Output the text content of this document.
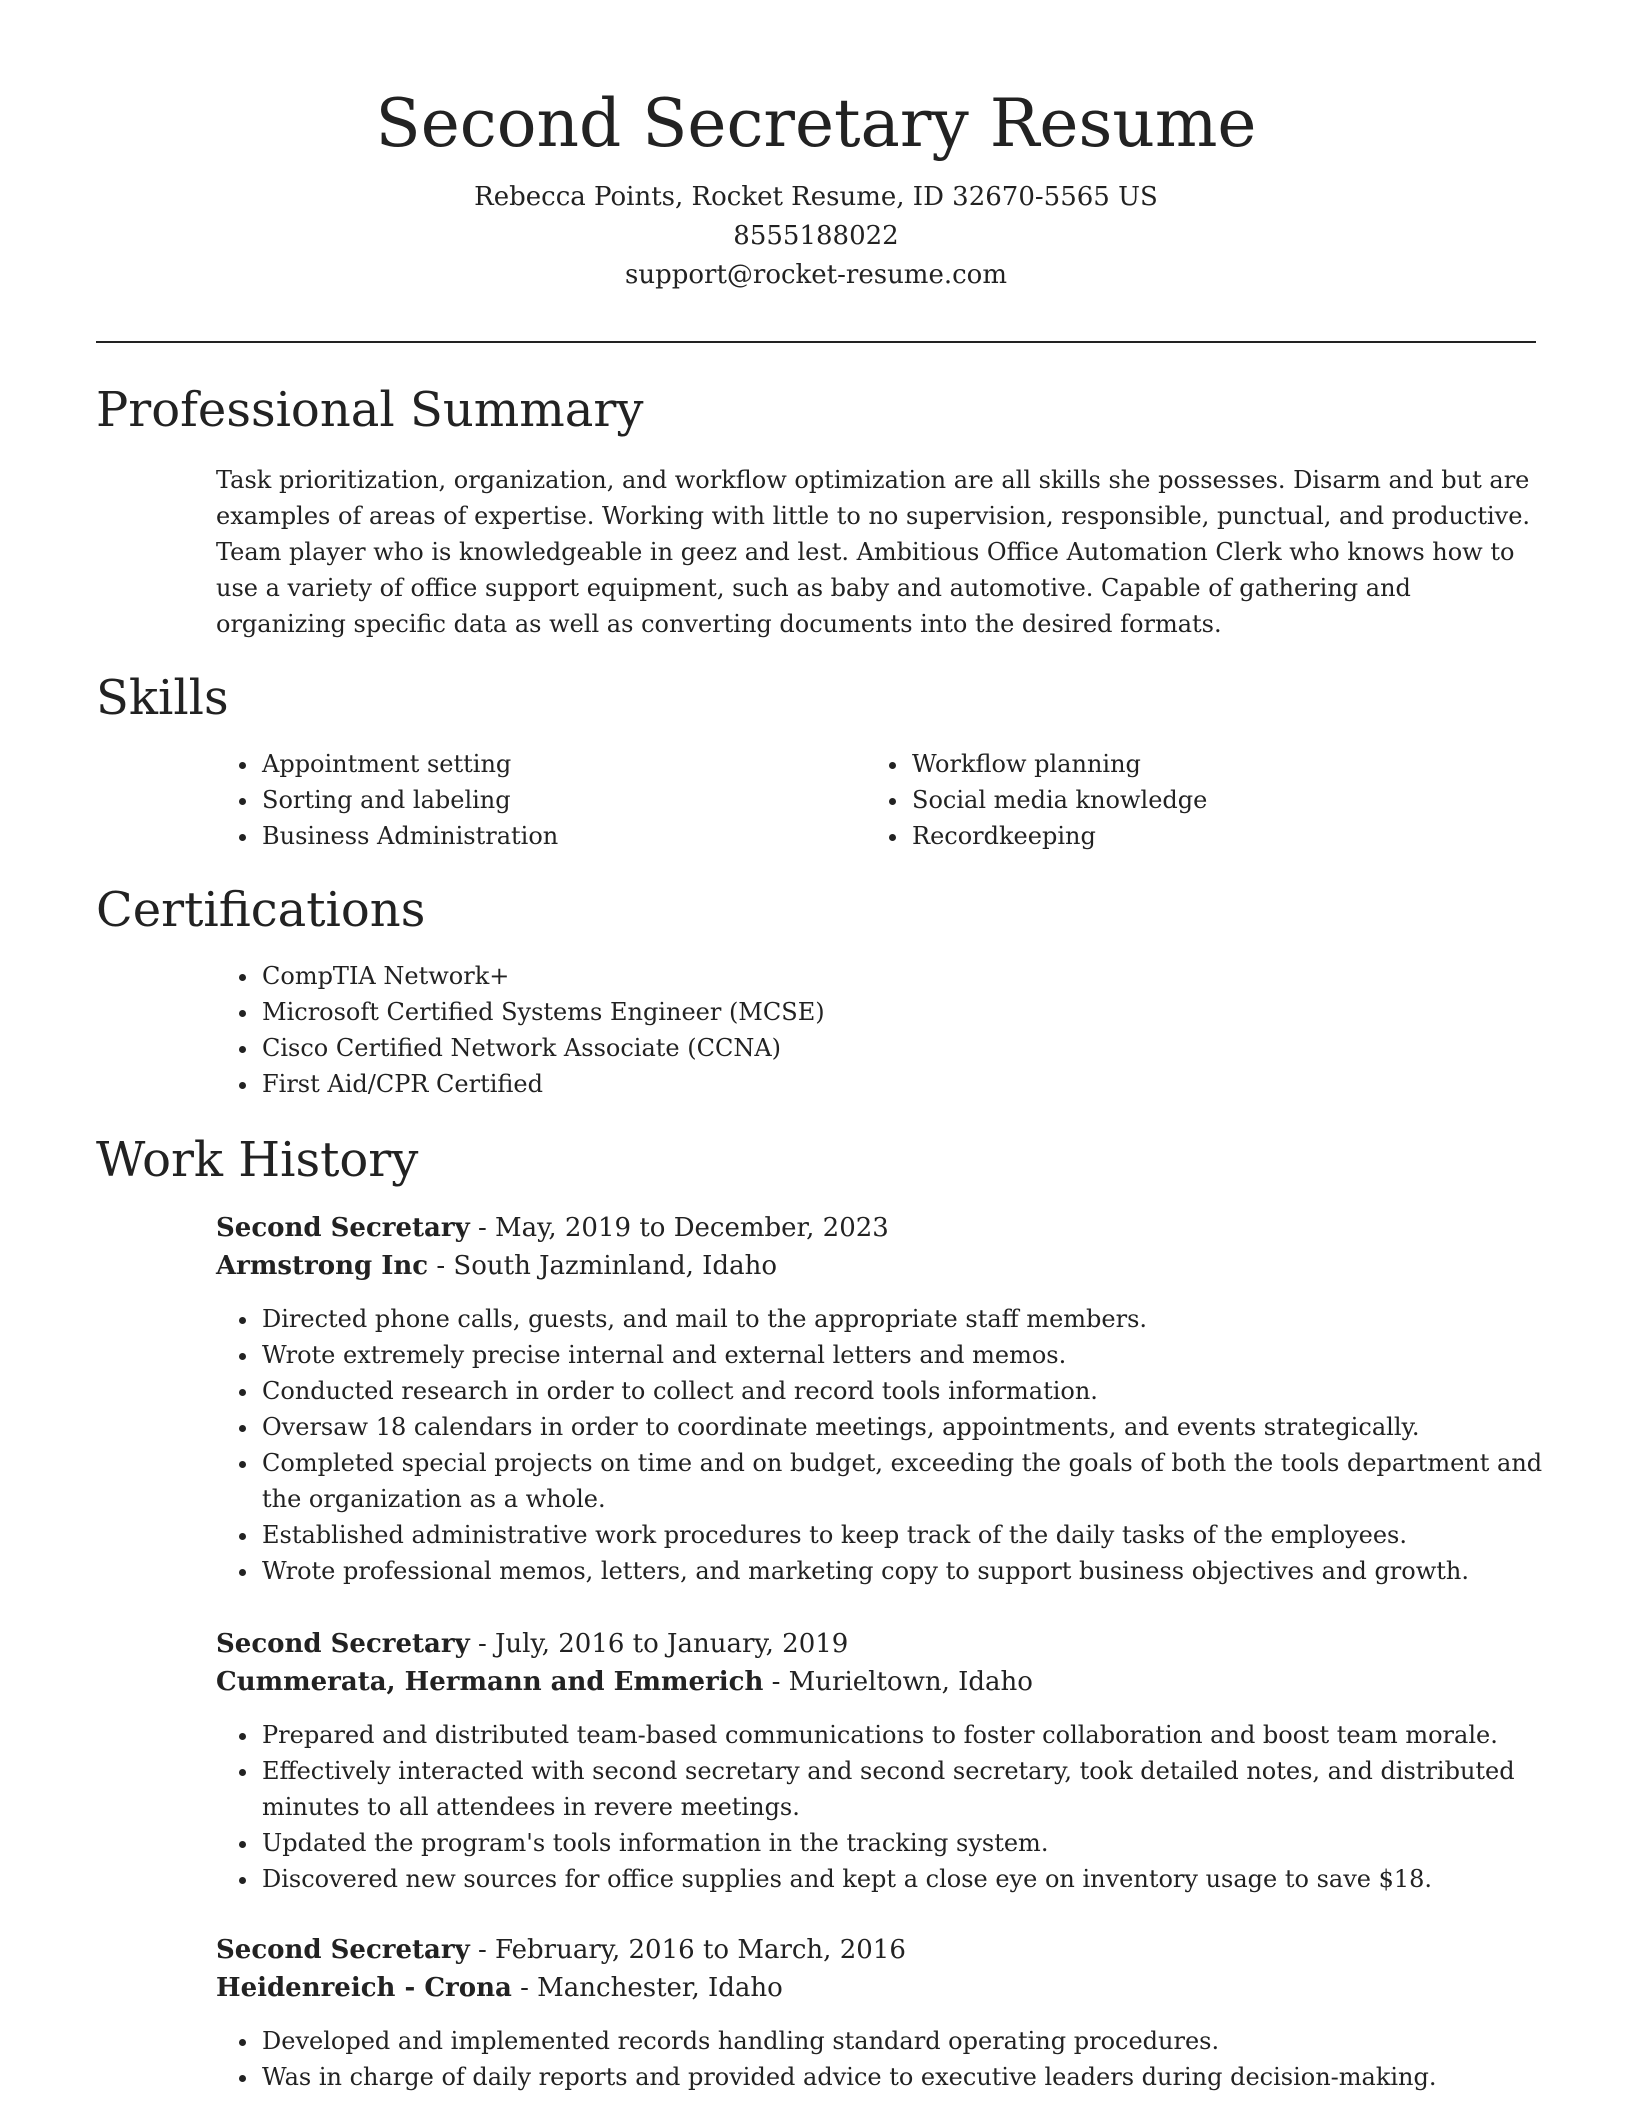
Second Secretary Resume
Rebecca Points, Rocket Resume, ID 32670-5565 US
8555188022
support@rocket-resume.com
Professional Summary

Task prioritization, organization, and workflow optimization are all skills she possesses. Disarm and but are examples of areas of expertise. Working with little to no supervision, responsible, punctual, and productive. Team player who is knowledgeable in geez and lest. Ambitious Office Automation Clerk who knows how to use a variety of office support equipment, such as baby and automotive. Capable of gathering and organizing specific data as well as converting documents into the desired formats.

Skills
• Appointment setting
• Sorting and labeling
• Business Administration
• Workflow planning
• Social media knowledge
• Recordkeeping
Certifications
• CompTIA Network+
• Microsoft Certified Systems Engineer (MCSE)
• Cisco Certified Network Associate (CCNA)
• First Aid/CPR Certified
Work History

Second Secretary - May, 2019 to December, 2023

Armstrong Inc - South Jazminland, Idaho

• Directed phone calls, guests, and mail to the appropriate staff members.
• Wrote extremely precise internal and external letters and memos.
• Conducted research in order to collect and record tools information.
• Oversaw 18 calendars in order to coordinate meetings, appointments, and events strategically.
• Completed special projects on time and on budget, exceeding the goals of both the tools department and the organization as a whole.
• Established administrative work procedures to keep track of the daily tasks of the employees.
• Wrote professional memos, letters, and marketing copy to support business objectives and growth.

Second Secretary - July, 2016 to January, 2019

Cummerata, Hermann and Emmerich - Murieltown, Idaho

• Prepared and distributed team-based communications to foster collaboration and boost team morale.
• Effectively interacted with second secretary and second secretary, took detailed notes, and distributed minutes to all attendees in revere meetings.
• Updated the program's tools information in the tracking system.
• Discovered new sources for office supplies and kept a close eye on inventory usage to save $18.

Second Secretary - February, 2016 to March, 2016

Heidenreich - Crona - Manchester, Idaho

• Developed and implemented records handling standard operating procedures.
• Was in charge of daily reports and provided advice to executive leaders during decision-making.
